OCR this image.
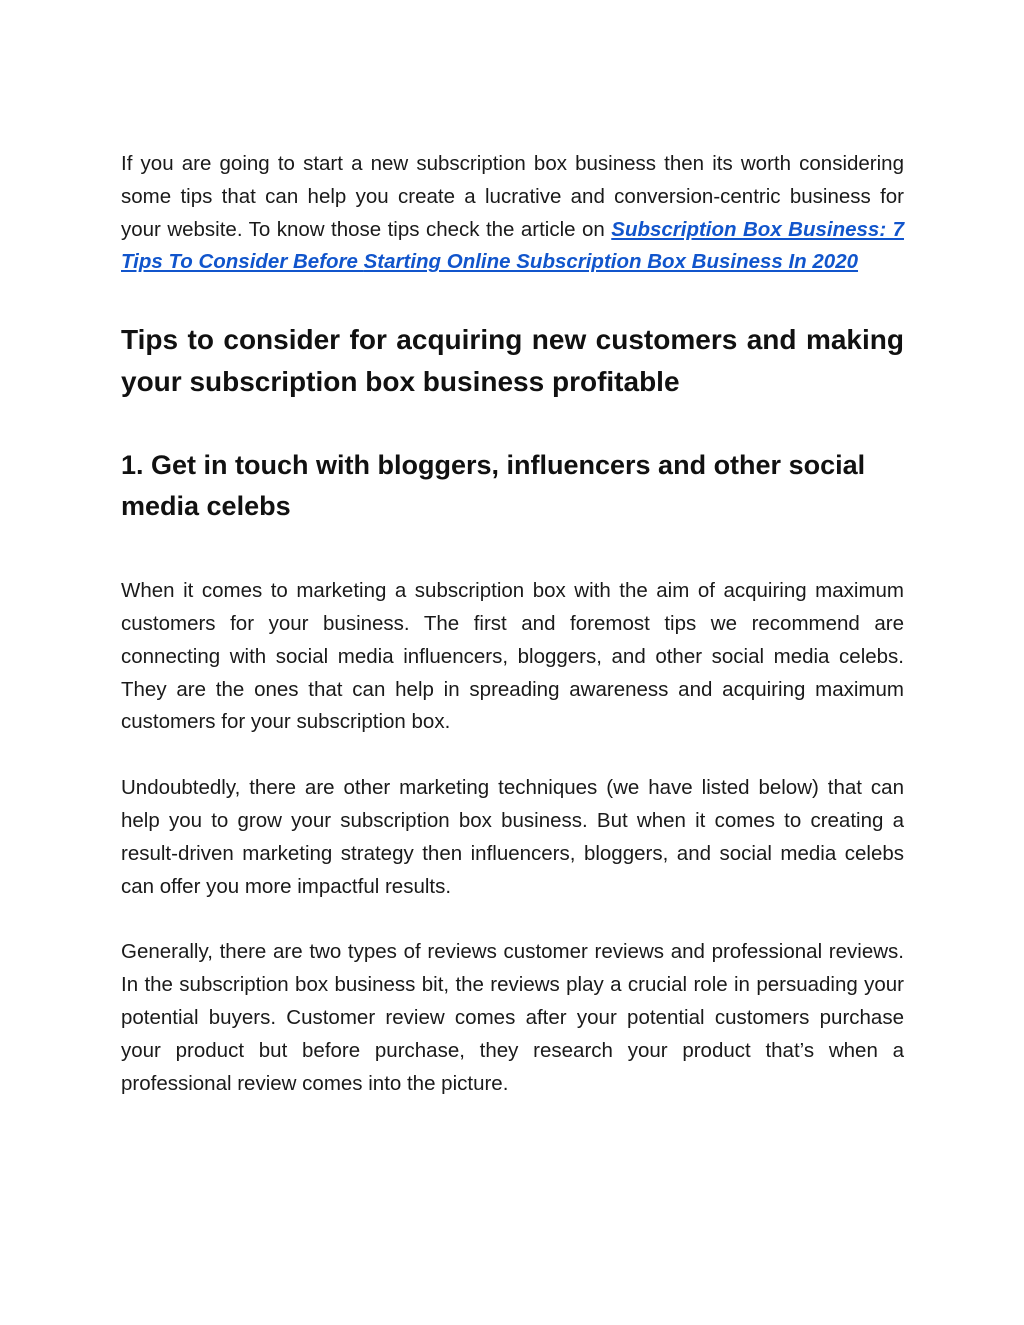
If you are going to start a new subscription box business then its worth considering some tips that can help you create a lucrative and conversion-centric business for your website. To know those tips check the article on Subscription Box Business: 7 Tips To Consider Before Starting Online Subscription Box Business In 2020

Tips to consider for acquiring new customers and making your subscription box business profitable
1. Get in touch with bloggers, influencers and other social media celebs

When it comes to marketing a subscription box with the aim of acquiring maximum customers for your business. The first and foremost tips we recommend are connecting with social media influencers, bloggers, and other social media celebs. They are the ones that can help in spreading awareness and acquiring maximum customers for your subscription box.

Undoubtedly, there are other marketing techniques (we have listed below) that can help you to grow your subscription box business. But when it comes to creating a result-driven marketing strategy then influencers, bloggers, and social media celebs can offer you more impactful results.

Generally, there are two types of reviews customer reviews and professional reviews. In the subscription box business bit, the reviews play a crucial role in persuading your potential buyers. Customer review comes after your potential customers purchase your product but before purchase, they research your product that’s when a professional review comes into the picture.
